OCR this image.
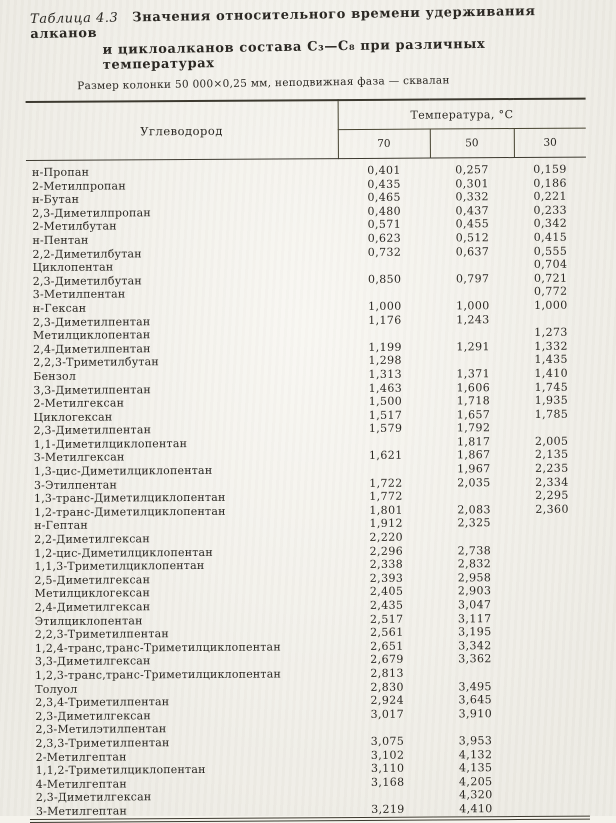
Таблица 4.3 Значения относительного времени удерживания алканов
и циклоалканов состава С₃—С₈ при различных температурах
Размер колонки 50 000×0,25 мм, неподвижная фаза — сквалан
Углеводород	Температура, °С		
	70	50	30
н-Пропан	0,401	0,257	0,159
2-Метилпропан	0,435	0,301	0,186
н-Бутан	0,465	0,332	0,221
2,3-Диметилпропан	0,480	0,437	0,233
2-Метилбутан	0,571	0,455	0,342
н-Пентан	0,623	0,512	0,415
2,2-Диметилбутан	0,732	0,637	0,555
Циклопентан			0,704
2,3-Диметилбутан	0,850	0,797	0,721
3-Метилпентан			0,772
н-Гексан	1,000	1,000	1,000
2,3-Диметилпентан	1,176	1,243	
Метилциклопентан			1,273
2,4-Диметилпентан	1,199	1,291	1,332
2,2,3-Триметилбутан	1,298		1,435
Бензол	1,313	1,371	1,410
3,3-Диметилпентан	1,463	1,606	1,745
2-Метилгексан	1,500	1,718	1,935
Циклогексан	1,517	1,657	1,785
2,3-Диметилпентан	1,579	1,792	
1,1-Диметилциклопентан		1,817	2,005
3-Метилгексан	1,621	1,867	2,135
1,3-цис-Диметилциклопентан		1,967	2,235
3-Этилпентан	1,722	2,035	2,334
1,3-транс-Диметилциклопентан	1,772		2,295
1,2-транс-Диметилциклопентан	1,801	2,083	2,360
н-Гептан	1,912	2,325	
2,2-Диметилгексан	2,220		
1,2-цис-Диметилциклопентан	2,296	2,738	
1,1,3-Триметилциклопентан	2,338	2,832	
2,5-Диметилгексан	2,393	2,958	
Метилциклогексан	2,405	2,903	
2,4-Диметилгексан	2,435	3,047	
Этилциклопентан	2,517	3,117	
2,2,3-Триметилпентан	2,561	3,195	
1,2,4-транс,транс-Триметилциклопентан	2,651	3,342	
3,3-Диметилгексан	2,679	3,362	
1,2,3-транс,транс-Триметилциклопентан	2,813		
Толуол	2,830	3,495	
2,3,4-Триметилпентан	2,924	3,645	
2,3-Диметилгексан	3,017	3,910	
2,3-Метилэтилпентан			
2,3,3-Триметилпентан	3,075	3,953	
2-Метилгептан	3,102	4,132	
1,1,2-Триметилциклопентан	3,110	4,135	
4-Метилгептан	3,168	4,205	
2,3-Диметилгексан		4,320	
3-Метилгептан	3,219	4,410	
